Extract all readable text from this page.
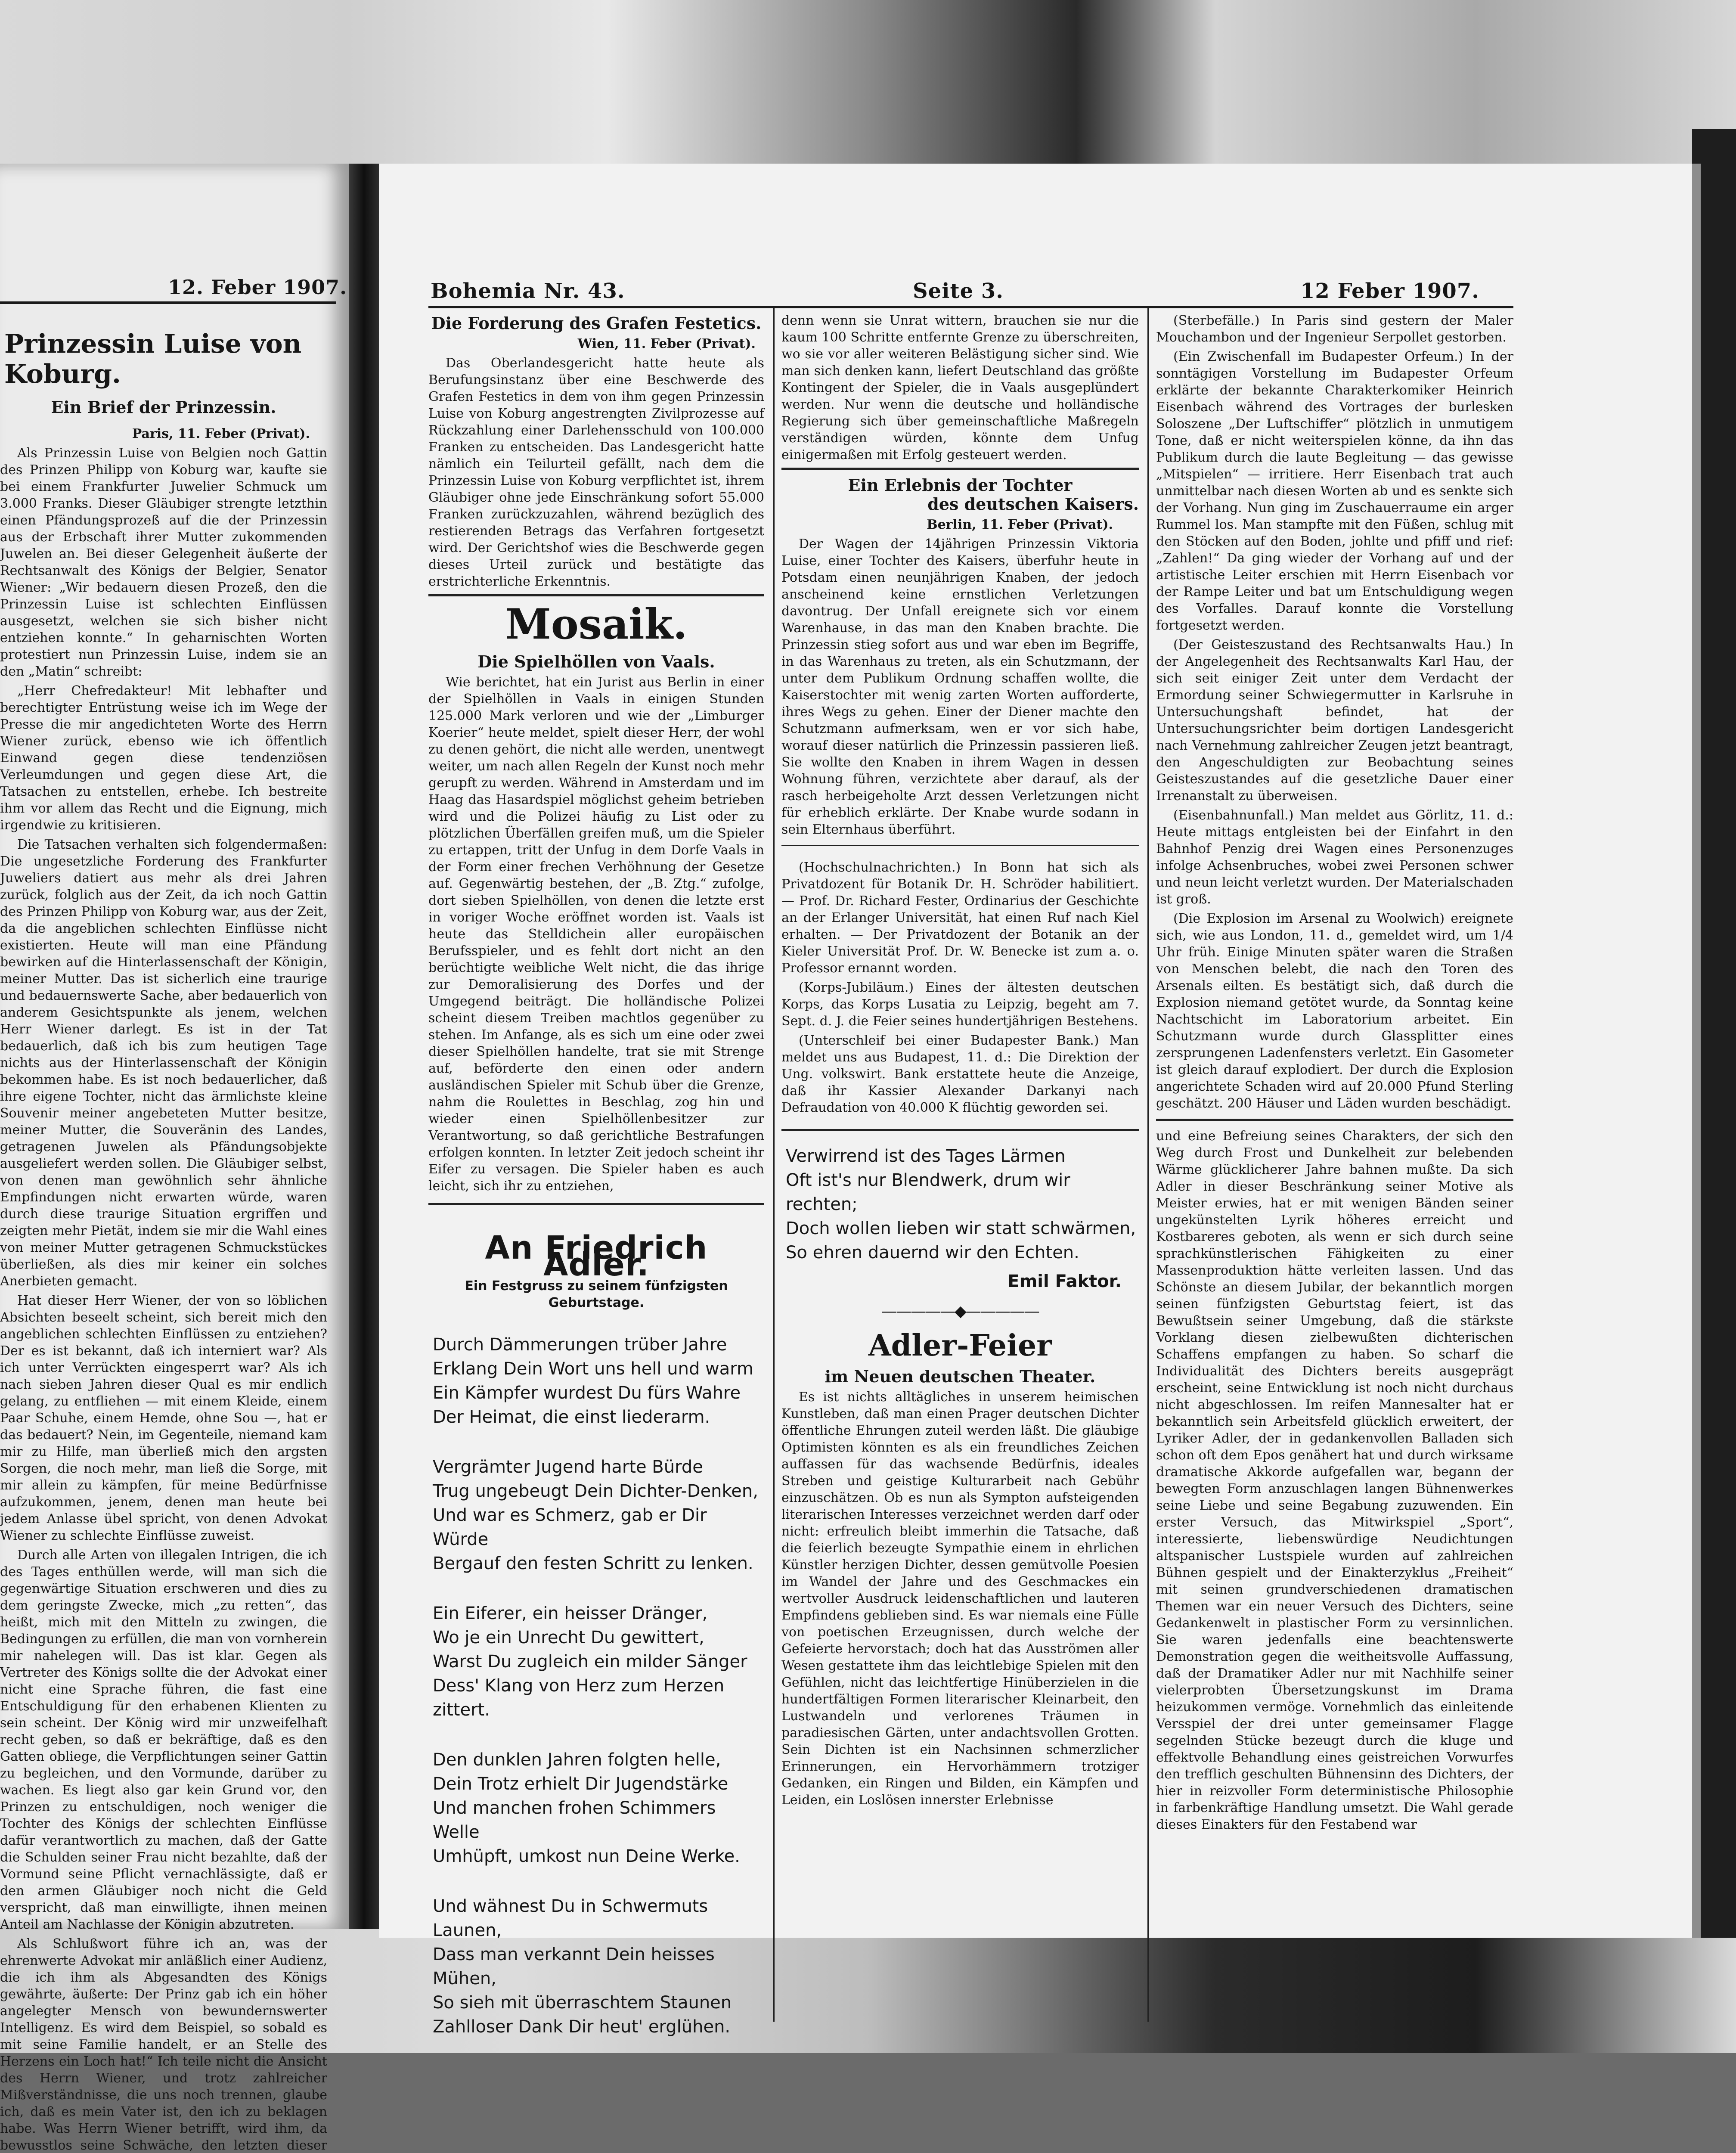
12. Feber 1907.
Prinzessin Luise von Koburg.
Ein Brief der Prinzessin.
Paris, 11. Feber (Privat).

Als Prinzessin Luise von Belgien noch Gattin des Prinzen Philipp von Koburg war, kaufte sie bei einem Frankfurter Juwelier Schmuck um 3.000 Franks. Dieser Gläubiger strengte letzthin einen Pfändungsprozeß auf die der Prinzessin aus der Erbschaft ihrer Mutter zukommenden Juwelen an. Bei dieser Gelegenheit äußerte der Rechtsanwalt des Königs der Belgier, Senator Wiener: „Wir bedauern diesen Prozeß, den die Prinzessin Luise ist schlechten Einflüssen ausgesetzt, welchen sie sich bisher nicht entziehen konnte.“ In geharnischten Worten protestiert nun Prinzessin Luise, indem sie an den „Matin“ schreibt:

„Herr Chefredakteur! Mit lebhafter und berechtigter Entrüstung weise ich im Wege der Presse die mir angedichteten Worte des Herrn Wiener zurück, ebenso wie ich öffentlich Einwand gegen diese tendenziösen Verleumdungen und gegen diese Art, die Tatsachen zu entstellen, erhebe. Ich bestreite ihm vor allem das Recht und die Eignung, mich irgendwie zu kritisieren.

Die Tatsachen verhalten sich folgendermaßen: Die ungesetzliche Forderung des Frankfurter Juweliers datiert aus mehr als drei Jahren zurück, folglich aus der Zeit, da ich noch Gattin des Prinzen Philipp von Koburg war, aus der Zeit, da die angeblichen schlechten Einflüsse nicht existierten. Heute will man eine Pfändung bewirken auf die Hinterlassenschaft der Königin, meiner Mutter. Das ist sicherlich eine traurige und bedauernswerte Sache, aber bedauerlich von anderem Gesichtspunkte als jenem, welchen Herr Wiener darlegt. Es ist in der Tat bedauerlich, daß ich bis zum heutigen Tage nichts aus der Hinterlassenschaft der Königin bekommen habe. Es ist noch bedauerlicher, daß ihre eigene Tochter, nicht das ärmlichste kleine Souvenir meiner angebeteten Mutter besitze, meiner Mutter, die Souveränin des Landes, getragenen Juwelen als Pfändungsobjekte ausgeliefert werden sollen. Die Gläubiger selbst, von denen man gewöhnlich sehr ähnliche Empfindungen nicht erwarten würde, waren durch diese traurige Situation ergriffen und zeigten mehr Pietät, indem sie mir die Wahl eines von meiner Mutter getragenen Schmuckstückes überließen, als dies mir keiner ein solches Anerbieten gemacht.

Hat dieser Herr Wiener, der von so löblichen Absichten beseelt scheint, sich bereit mich den angeblichen schlechten Einflüssen zu entziehen? Der es ist bekannt, daß ich interniert war? Als ich unter Verrückten eingesperrt war? Als ich nach sieben Jahren dieser Qual es mir endlich gelang, zu entfliehen — mit einem Kleide, einem Paar Schuhe, einem Hemde, ohne Sou —, hat er das bedauert? Nein, im Gegenteile, niemand kam mir zu Hilfe, man überließ mich den argsten Sorgen, die noch mehr, man ließ die Sorge, mit mir allein zu kämpfen, für meine Bedürfnisse aufzukommen, jenem, denen man heute bei jedem Anlasse übel spricht, von denen Advokat Wiener zu schlechte Einflüsse zuweist.

Durch alle Arten von illegalen Intrigen, die ich des Tages enthüllen werde, will man sich die gegenwärtige Situation erschweren und dies zu dem geringste Zwecke, mich „zu retten“, das heißt, mich mit den Mitteln zu zwingen, die Bedingungen zu erfüllen, die man von vornherein mir nahelegen will. Das ist klar. Gegen als Vertreter des Königs sollte die der Advokat einer nicht eine Sprache führen, die fast eine Entschuldigung für den erhabenen Klienten zu sein scheint. Der König wird mir unzweifelhaft recht geben, so daß er bekräftige, daß es den Gatten obliege, die Verpflichtungen seiner Gattin zu begleichen, und den Vormunde, darüber zu wachen. Es liegt also gar kein Grund vor, den Prinzen zu entschuldigen, noch weniger die Tochter des Königs der schlechten Einflüsse dafür verantwortlich zu machen, daß der Gatte die Schulden seiner Frau nicht bezahlte, daß der Vormund seine Pflicht vernachlässigte, daß er den armen Gläubiger noch nicht die Geld verspricht, daß man einwilligte, ihnen meinen Anteil am Nachlasse der Königin abzutreten.

Als Schlußwort führe ich an, was der ehrenwerte Advokat mir anläßlich einer Audienz, die ich ihm als Abgesandten des Königs gewährte, äußerte: Der Prinz gab ich ein höher angelegter Mensch von bewundernswerter Intelligenz. Es wird dem Beispiel, so sobald es mit seine Familie handelt, er an Stelle des Herzens ein Loch hat!“ Ich teile nicht die Ansicht des Herrn Wiener, und trotz zahlreicher Mißverständnisse, die uns noch trennen, glaube ich, daß es mein Vater ist, den ich zu beklagen habe. Was Herrn Wiener betrifft, wird ihm, da bewusstlos seine Schwäche, den letzten dieser

Bohemia Nr. 43.	Seite 3.	12 Feber 1907.
Die Forderung des Grafen Festetics.
Wien, 11. Feber (Privat).

Das Oberlandesgericht hatte heute als Berufungsinstanz über eine Beschwerde des Grafen Festetics in dem von ihm gegen Prinzessin Luise von Koburg angestrengten Zivilprozesse auf Rückzahlung einer Darlehensschuld von 100.000 Franken zu entscheiden. Das Landesgericht hatte nämlich ein Teilurteil gefällt, nach dem die Prinzessin Luise von Koburg verpflichtet ist, ihrem Gläubiger ohne jede Einschränkung sofort 55.000 Franken zurückzuzahlen, während bezüglich des restierenden Betrags das Verfahren fortgesetzt wird. Der Gerichtshof wies die Beschwerde gegen dieses Urteil zurück und bestätigte das erstrichterliche Erkenntnis.

Mosaik.
Die Spielhöllen von Vaals.

Wie berichtet, hat ein Jurist aus Berlin in einer der Spielhöllen in Vaals in einigen Stunden 125.000 Mark verloren und wie der „Limburger Koerier“ heute meldet, spielt dieser Herr, der wohl zu denen gehört, die nicht alle werden, unentwegt weiter, um nach allen Regeln der Kunst noch mehr gerupft zu werden. Während in Amsterdam und im Haag das Hasardspiel möglichst geheim betrieben wird und die Polizei häufig zu List oder zu plötzlichen Überfällen greifen muß, um die Spieler zu ertappen, tritt der Unfug in dem Dorfe Vaals in der Form einer frechen Verhöhnung der Gesetze auf. Gegenwärtig bestehen, der „B. Ztg.“ zufolge, dort sieben Spielhöllen, von denen die letzte erst in voriger Woche eröffnet worden ist. Vaals ist heute das Stelldichein aller europäischen Berufsspieler, und es fehlt dort nicht an den berüchtigte weibliche Welt nicht, die das ihrige zur Demoralisierung des Dorfes und der Umgegend beiträgt. Die holländische Polizei scheint diesem Treiben machtlos gegenüber zu stehen. Im Anfange, als es sich um eine oder zwei dieser Spielhöllen handelte, trat sie mit Strenge auf, beförderte den einen oder andern ausländischen Spieler mit Schub über die Grenze, nahm die Roulettes in Beschlag, zog hin und wieder einen Spielhöllenbesitzer zur Verantwortung, so daß gerichtliche Bestrafungen erfolgen konnten. In letzter Zeit jedoch scheint ihr Eifer zu versagen. Die Spieler haben es auch leicht, sich ihr zu entziehen,

An Friedrich Adler.
Ein Festgruss zu seinem fünfzigsten Geburtstage.
Durch Dämmerungen trüber Jahre
Erklang Dein Wort uns hell und warm
Ein Kämpfer wurdest Du fürs Wahre
Der Heimat, die einst liederarm.
Vergrämter Jugend harte Bürde
Trug ungebeugt Dein Dichter-Denken,
Und war es Schmerz, gab er Dir Würde
Bergauf den festen Schritt zu lenken.
Ein Eiferer, ein heisser Dränger,
Wo je ein Unrecht Du gewittert,
Warst Du zugleich ein milder Sänger
Dess' Klang von Herz zum Herzen zittert.
Den dunklen Jahren folgten helle,
Dein Trotz erhielt Dir Jugendstärke
Und manchen frohen Schimmers Welle
Umhüpft, umkost nun Deine Werke.
Und wähnest Du in Schwermuts Launen,
Dass man verkannt Dein heisses Mühen,
So sieh mit überraschtem Staunen
Zahlloser Dank Dir heut' erglühen.

denn wenn sie Unrat wittern, brauchen sie nur die kaum 100 Schritte entfernte Grenze zu überschreiten, wo sie vor aller weiteren Belästigung sicher sind. Wie man sich denken kann, liefert Deutschland das größte Kontingent der Spieler, die in Vaals ausgeplündert werden. Nur wenn die deutsche und holländische Regierung sich über gemeinschaftliche Maßregeln verständigen würden, könnte dem Unfug einigermaßen mit Erfolg gesteuert werden.

Ein Erlebnis der Tochter
des deutschen Kaisers.
Berlin, 11. Feber (Privat).

Der Wagen der 14jährigen Prinzessin Viktoria Luise, einer Tochter des Kaisers, überfuhr heute in Potsdam einen neunjährigen Knaben, der jedoch anscheinend keine ernstlichen Verletzungen davontrug. Der Unfall ereignete sich vor einem Warenhause, in das man den Knaben brachte. Die Prinzessin stieg sofort aus und war eben im Begriffe, in das Warenhaus zu treten, als ein Schutzmann, der unter dem Publikum Ordnung schaffen wollte, die Kaiserstochter mit wenig zarten Worten aufforderte, ihres Wegs zu gehen. Einer der Diener machte den Schutzmann aufmerksam, wen er vor sich habe, worauf dieser natürlich die Prinzessin passieren ließ. Sie wollte den Knaben in ihrem Wagen in dessen Wohnung führen, verzichtete aber darauf, als der rasch herbeigeholte Arzt dessen Verletzungen nicht für erheblich erklärte. Der Knabe wurde sodann in sein Elternhaus überführt.

(Hochschulnachrichten.) In Bonn hat sich als Privatdozent für Botanik Dr. H. Schröder habilitiert. — Prof. Dr. Richard Fester, Ordinarius der Geschichte an der Erlanger Universität, hat einen Ruf nach Kiel erhalten. — Der Privatdozent der Botanik an der Kieler Universität Prof. Dr. W. Benecke ist zum a. o. Professor ernannt worden.

(Korps-Jubiläum.) Eines der ältesten deutschen Korps, das Korps Lusatia zu Leipzig, begeht am 7. Sept. d. J. die Feier seines hundertjährigen Bestehens.

(Unterschleif bei einer Budapester Bank.) Man meldet uns aus Budapest, 11. d.: Die Direktion der Ung. volkswirt. Bank erstattete heute die Anzeige, daß ihr Kassier Alexander Darkanyi nach Defraudation von 40.000 K flüchtig geworden sei.

Verwirrend ist des Tages Lärmen
Oft ist's nur Blendwerk, drum wir rechten;
Doch wollen lieben wir statt schwärmen,
So ehren dauernd wir den Echten.
Emil Faktor.
—————◆—————
Adler-Feier
im Neuen deutschen Theater.

Es ist nichts alltägliches in unserem heimischen Kunstleben, daß man einen Prager deutschen Dichter öffentliche Ehrungen zuteil werden läßt. Die gläubige Optimisten könnten es als ein freundliches Zeichen auffassen für das wachsende Bedürfnis, ideales Streben und geistige Kulturarbeit nach Gebühr einzuschätzen. Ob es nun als Sympton aufsteigenden literarischen Interesses verzeichnet werden darf oder nicht: erfreulich bleibt immerhin die Tatsache, daß die feierlich bezeugte Sympathie einem in ehrlichen Künstler herzigen Dichter, dessen gemütvolle Poesien im Wandel der Jahre und des Geschmackes ein wertvoller Ausdruck leidenschaftlichen und lauteren Empfindens geblieben sind. Es war niemals eine Fülle von poetischen Erzeugnissen, durch welche der Gefeierte hervorstach; doch hat das Ausströmen aller Wesen gestattete ihm das leichtlebige Spielen mit den Gefühlen, nicht das leichtfertige Hinüberzielen in die hundertfältigen Formen literarischer Kleinarbeit, den Lustwandeln und verlorenes Träumen in paradiesischen Gärten, unter andachtsvollen Grotten. Sein Dichten ist ein Nachsinnen schmerzlicher Erinnerungen, ein Hervorhämmern trotziger Gedanken, ein Ringen und Bilden, ein Kämpfen und Leiden, ein Loslösen innerster Erlebnisse

(Sterbefälle.) In Paris sind gestern der Maler Mouchambon und der Ingenieur Serpollet gestorben.

(Ein Zwischenfall im Budapester Orfeum.) In der sonntägigen Vorstellung im Budapester Orfeum erklärte der bekannte Charakterkomiker Heinrich Eisenbach während des Vortrages der burlesken Soloszene „Der Luftschiffer“ plötzlich in unmutigem Tone, daß er nicht weiterspielen könne, da ihn das Publikum durch die laute Begleitung — das gewisse „Mitspielen“ — irritiere. Herr Eisenbach trat auch unmittelbar nach diesen Worten ab und es senkte sich der Vorhang. Nun ging im Zuschauerraume ein arger Rummel los. Man stampfte mit den Füßen, schlug mit den Stöcken auf den Boden, johlte und pfiff und rief: „Zahlen!“ Da ging wieder der Vorhang auf und der artistische Leiter erschien mit Herrn Eisenbach vor der Rampe Leiter und bat um Entschuldigung wegen des Vorfalles. Darauf konnte die Vorstellung fortgesetzt werden.

(Der Geisteszustand des Rechtsanwalts Hau.) In der Angelegenheit des Rechtsanwalts Karl Hau, der sich seit einiger Zeit unter dem Verdacht der Ermordung seiner Schwiegermutter in Karlsruhe in Untersuchungshaft befindet, hat der Untersuchungsrichter beim dortigen Landesgericht nach Vernehmung zahlreicher Zeugen jetzt beantragt, den Angeschuldigten zur Beobachtung seines Geisteszustandes auf die gesetzliche Dauer einer Irrenanstalt zu überweisen.

(Eisenbahnunfall.) Man meldet aus Görlitz, 11. d.: Heute mittags entgleisten bei der Einfahrt in den Bahnhof Penzig drei Wagen eines Personenzuges infolge Achsenbruches, wobei zwei Personen schwer und neun leicht verletzt wurden. Der Materialschaden ist groß.

(Die Explosion im Arsenal zu Woolwich) ereignete sich, wie aus London, 11. d., gemeldet wird, um 1/4 Uhr früh. Einige Minuten später waren die Straßen von Menschen belebt, die nach den Toren des Arsenals eilten. Es bestätigt sich, daß durch die Explosion niemand getötet wurde, da Sonntag keine Nachtschicht im Laboratorium arbeitet. Ein Schutzmann wurde durch Glassplitter eines zersprungenen Ladenfensters verletzt. Ein Gasometer ist gleich darauf explodiert. Der durch die Explosion angerichtete Schaden wird auf 20.000 Pfund Sterling geschätzt. 200 Häuser und Läden wurden beschädigt.

und eine Befreiung seines Charakters, der sich den Weg durch Frost und Dunkelheit zur belebenden Wärme glücklicherer Jahre bahnen mußte. Da sich Adler in dieser Beschränkung seiner Motive als Meister erwies, hat er mit wenigen Bänden seiner ungekünstelten Lyrik höheres erreicht und Kostbareres geboten, als wenn er sich durch seine sprachkünstlerischen Fähigkeiten zu einer Massenproduktion hätte verleiten lassen. Und das Schönste an diesem Jubilar, der bekanntlich morgen seinen fünfzigsten Geburtstag feiert, ist das Bewußtsein seiner Umgebung, daß die stärkste Vorklang diesen zielbewußten dichterischen Schaffens empfangen zu haben. So scharf die Individualität des Dichters bereits ausgeprägt erscheint, seine Entwicklung ist noch nicht durchaus nicht abgeschlossen. Im reifen Mannesalter hat er bekanntlich sein Arbeitsfeld glücklich erweitert, der Lyriker Adler, der in gedankenvollen Balladen sich schon oft dem Epos genähert hat und durch wirksame dramatische Akkorde aufgefallen war, begann der bewegten Form anzuschlagen langen Bühnenwerkes seine Liebe und seine Begabung zuzuwenden. Ein erster Versuch, das Mitwirkspiel „Sport“, interessierte, liebenswürdige Neudichtungen altspanischer Lustspiele wurden auf zahlreichen Bühnen gespielt und der Einakterzyklus „Freiheit“ mit seinen grundverschiedenen dramatischen Themen war ein neuer Versuch des Dichters, seine Gedankenwelt in plastischer Form zu versinnlichen. Sie waren jedenfalls eine beachtenswerte Demonstration gegen die weitheitsvolle Auffassung, daß der Dramatiker Adler nur mit Nachhilfe seiner vielerprobten Übersetzungskunst im Drama heizukommen vermöge. Vornehmlich das einleitende Versspiel der drei unter gemeinsamer Flagge segelnden Stücke bezeugt durch die kluge und effektvolle Behandlung eines geistreichen Vorwurfes den trefflich geschulten Bühnensinn des Dichters, der hier in reizvoller Form deterministische Philosophie in farbenkräftige Handlung umsetzt. Die Wahl gerade dieses Einakters für den Festabend war
